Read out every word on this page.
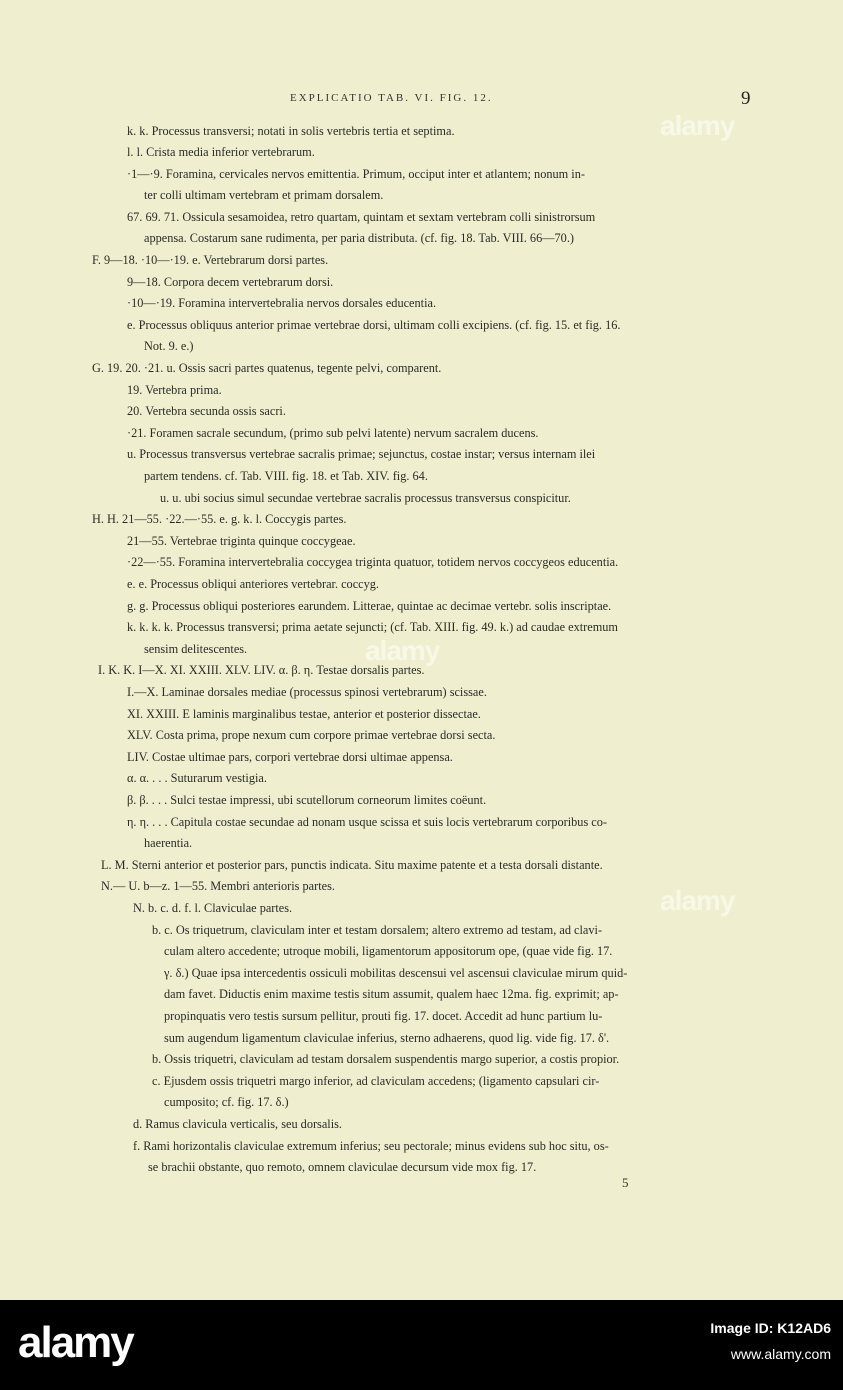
EXPLICATIO TAB. VI. FIG. 12.	9
k. k. Processus transversi; notati in solis vertebris tertia et septima.
l. l. Crista media inferior vertebrarum.
·1—·9. Foramina, cervicales nervos emittentia. Primum, occiput inter et atlantem; nonum in-
ter colli ultimam vertebram et primam dorsalem.
67. 69. 71. Ossicula sesamoidea, retro quartam, quintam et sextam vertebram colli sinistrorsum
appensa. Costarum sane rudimenta, per paria distributa. (cf. fig. 18. Tab. VIII. 66—70.)
F. 9—18. ·10—·19. e. Vertebrarum dorsi partes.
9—18. Corpora decem vertebrarum dorsi.
·10—·19. Foramina intervertebralia nervos dorsales educentia.
e. Processus obliquus anterior primae vertebrae dorsi, ultimam colli excipiens. (cf. fig. 15. et fig. 16.
Not. 9. e.)
G. 19. 20. ·21. u. Ossis sacri partes quatenus, tegente pelvi, comparent.
19. Vertebra prima.
20. Vertebra secunda ossis sacri.
·21. Foramen sacrale secundum, (primo sub pelvi latente) nervum sacralem ducens.
u. Processus transversus vertebrae sacralis primae; sejunctus, costae instar; versus internam ilei
partem tendens. cf. Tab. VIII. fig. 18. et Tab. XIV. fig. 64.
u. u. ubi socius simul secundae vertebrae sacralis processus transversus conspicitur.
H. H. 21—55. ·22.—·55. e. g. k. l. Coccygis partes.
21—55. Vertebrae triginta quinque coccygeae.
·22—·55. Foramina intervertebralia coccygea triginta quatuor, totidem nervos coccygeos educentia.
e. e. Processus obliqui anteriores vertebrar. coccyg.
g. g. Processus obliqui posteriores earundem. Litterae, quintae ac decimae vertebr. solis inscriptae.
k. k. k. k. Processus transversi; prima aetate sejuncti; (cf. Tab. XIII. fig. 49. k.) ad caudae extremum
sensim delitescentes.
I. K. K. I—X. XI. XXIII. XLV. LIV. α. β. η. Testae dorsalis partes.
I.—X. Laminae dorsales mediae (processus spinosi vertebrarum) scissae.
XI. XXIII. E laminis marginalibus testae, anterior et posterior dissectae.
XLV. Costa prima, prope nexum cum corpore primae vertebrae dorsi secta.
LIV. Costae ultimae pars, corpori vertebrae dorsi ultimae appensa.
α. α. . . . Suturarum vestigia.
β. β. . . . Sulci testae impressi, ubi scutellorum corneorum limites coëunt.
η. η. . . . Capitula costae secundae ad nonam usque scissa et suis locis vertebrarum corporibus co-
haerentia.
L. M. Sterni anterior et posterior pars, punctis indicata. Situ maxime patente et a testa dorsali distante.
N.— U. b—z. 1—55. Membri anterioris partes.
N. b. c. d. f. l. Claviculae partes.
b. c. Os triquetrum, claviculam inter et testam dorsalem; altero extremo ad testam, ad clavi-
culam altero accedente; utroque mobili, ligamentorum appositorum ope, (quae vide fig. 17.
γ. δ.) Quae ipsa intercedentis ossiculi mobilitas descensui vel ascensui claviculae mirum quid-
dam favet. Diductis enim maxime testis situm assumit, qualem haec 12ma. fig. exprimit; ap-
propinquatis vero testis sursum pellitur, prouti fig. 17. docet. Accedit ad hunc partium lu-
sum augendum ligamentum claviculae inferius, sterno adhaerens, quod lig. vide fig. 17. δ'.
b. Ossis triquetri, claviculam ad testam dorsalem suspendentis margo superior, a costis propior.
c. Ejusdem ossis triquetri margo inferior, ad claviculam accedens; (ligamento capsulari cir-
cumposito; cf. fig. 17. δ.)
d. Ramus clavicula verticalis, seu dorsalis.
f. Rami horizontalis claviculae extremum inferius; seu pectorale; minus evidens sub hoc situ, os-
se brachii obstante, quo remoto, omnem claviculae decursum vide mox fig. 17.
5
alamy
alamy
alamy
alamy	Image ID: K12AD6
www.alamy.com
